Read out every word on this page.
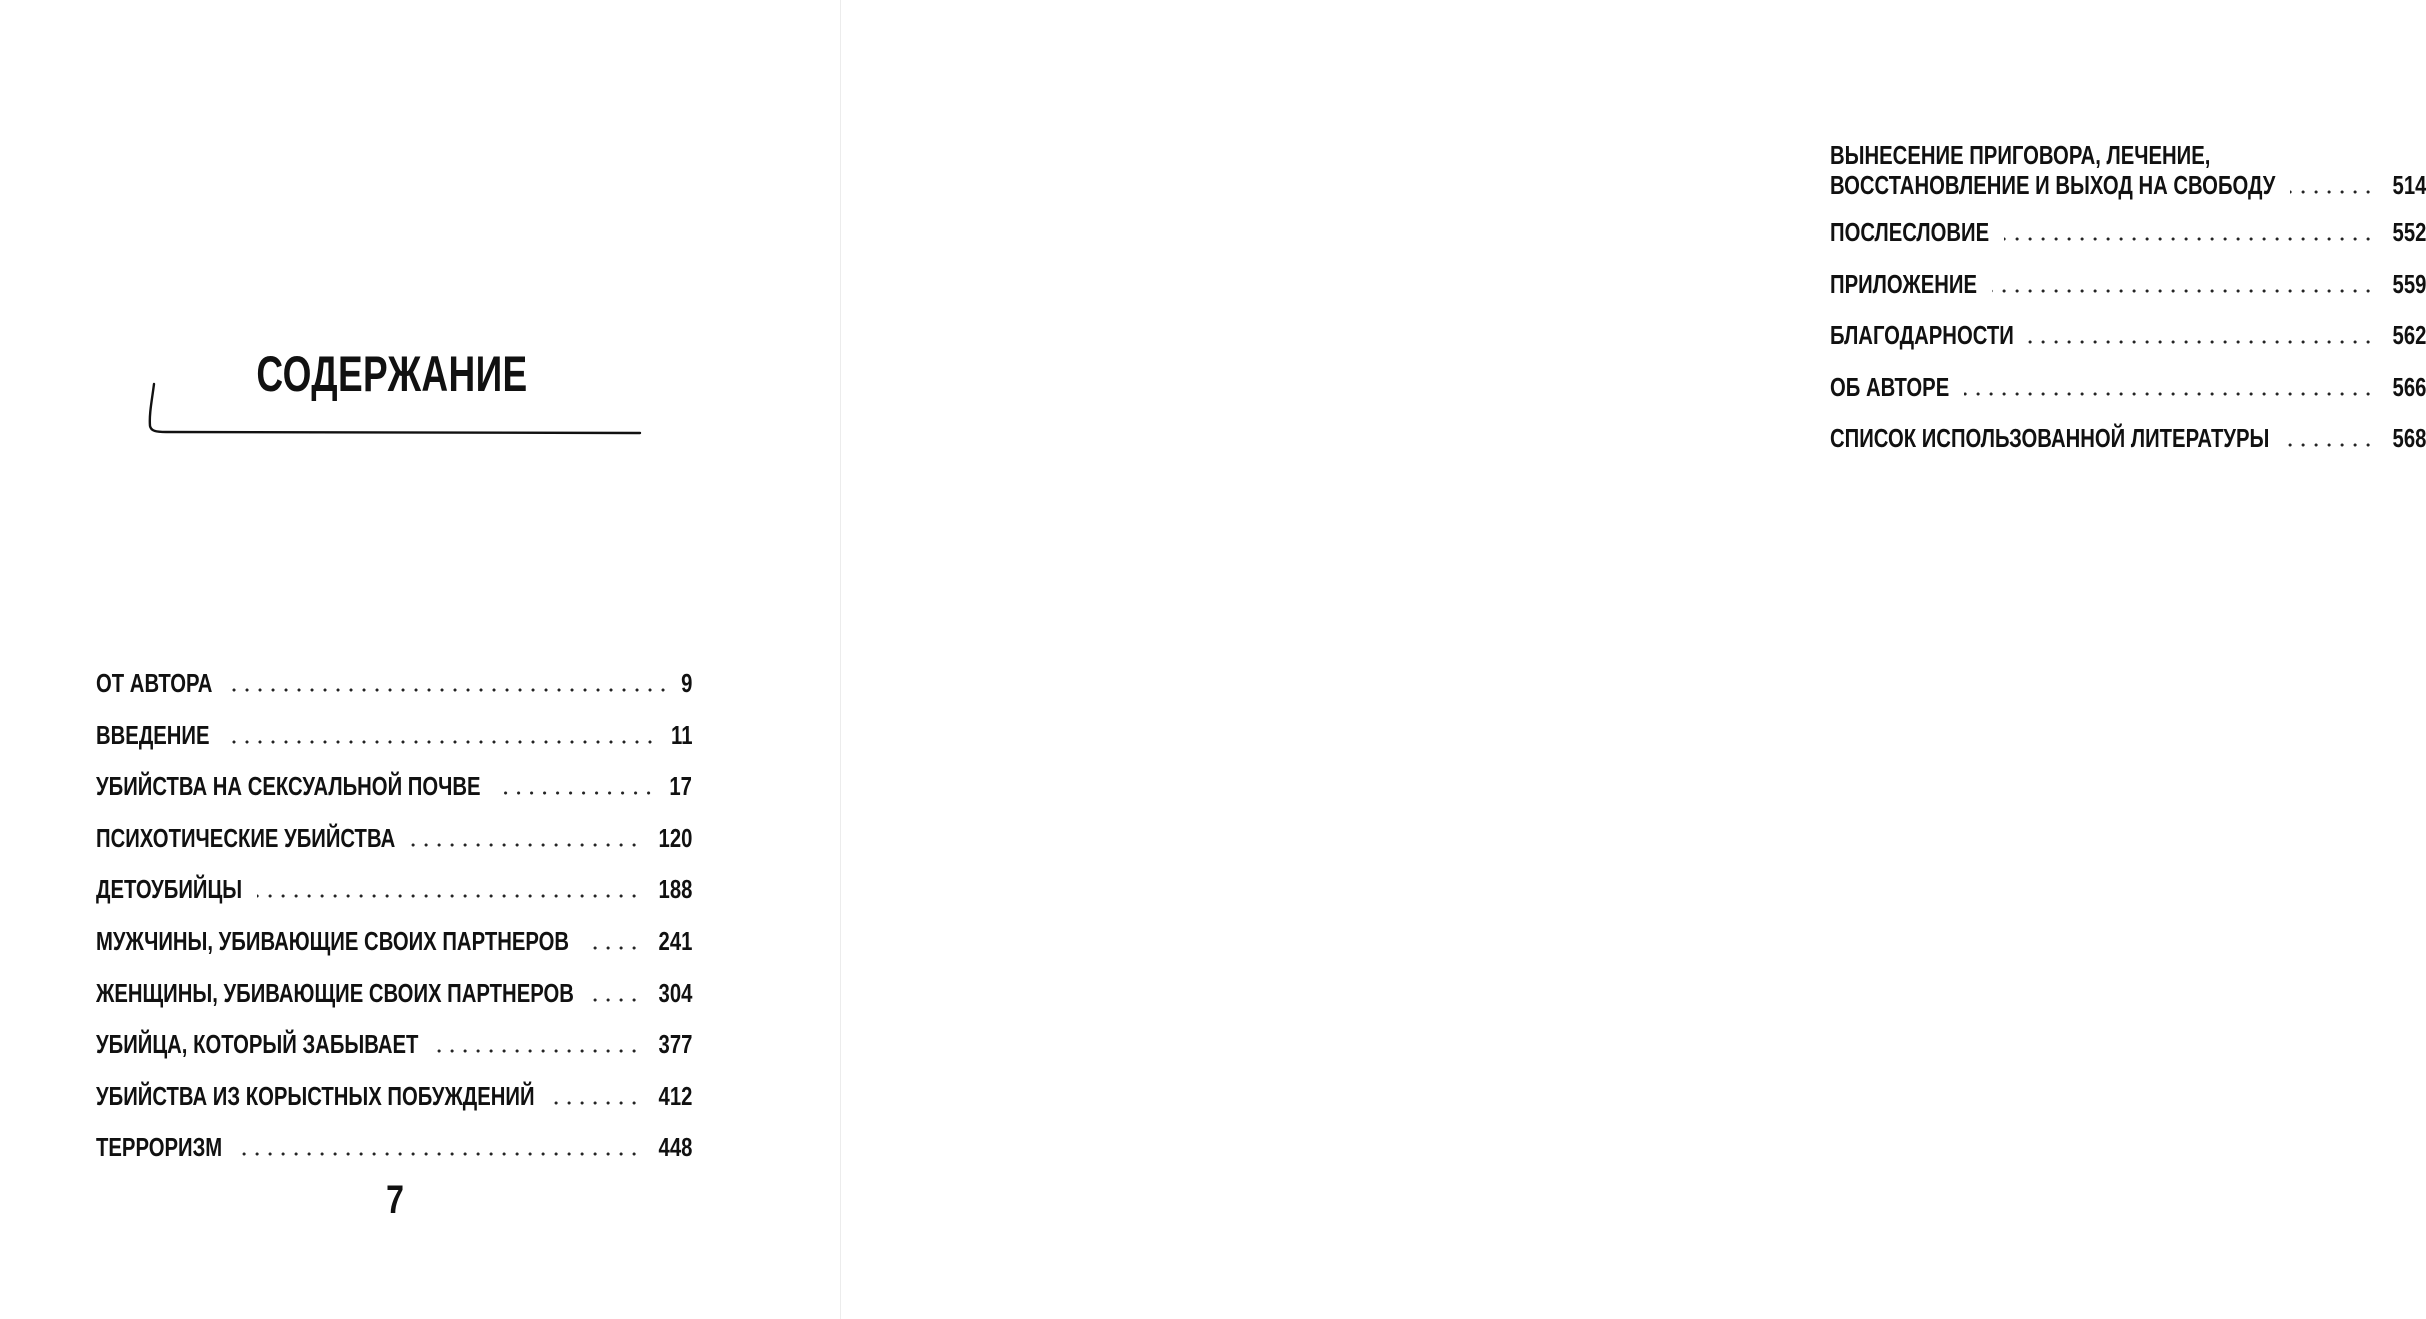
СОДЕРЖАНИЕ
ОТ АВТОРА	9
ВВЕДЕНИЕ	11
УБИЙСТВА НА СЕКСУАЛЬНОЙ ПОЧВЕ	17
ПСИХОТИЧЕСКИЕ УБИЙСТВА	120
ДЕТОУБИЙЦЫ	188
МУЖЧИНЫ, УБИВАЮЩИЕ СВОИХ ПАРТНЕРОВ	241
ЖЕНЩИНЫ, УБИВАЮЩИЕ СВОИХ ПАРТНЕРОВ	304
УБИЙЦА, КОТОРЫЙ ЗАБЫВАЕТ	377
УБИЙСТВА ИЗ КОРЫСТНЫХ ПОБУЖДЕНИЙ	412
ТЕРРОРИЗМ	448
7
ВЫНЕСЕНИЕ ПРИГОВОРА, ЛЕЧЕНИЕ,
ВОССТАНОВЛЕНИЕ И ВЫХОД НА СВОБОДУ	514
ПОСЛЕСЛОВИЕ	552
ПРИЛОЖЕНИЕ	559
БЛАГОДАРНОСТИ	562
ОБ АВТОРЕ	566
СПИСОК ИСПОЛЬЗОВАННОЙ ЛИТЕРАТУРЫ	568
